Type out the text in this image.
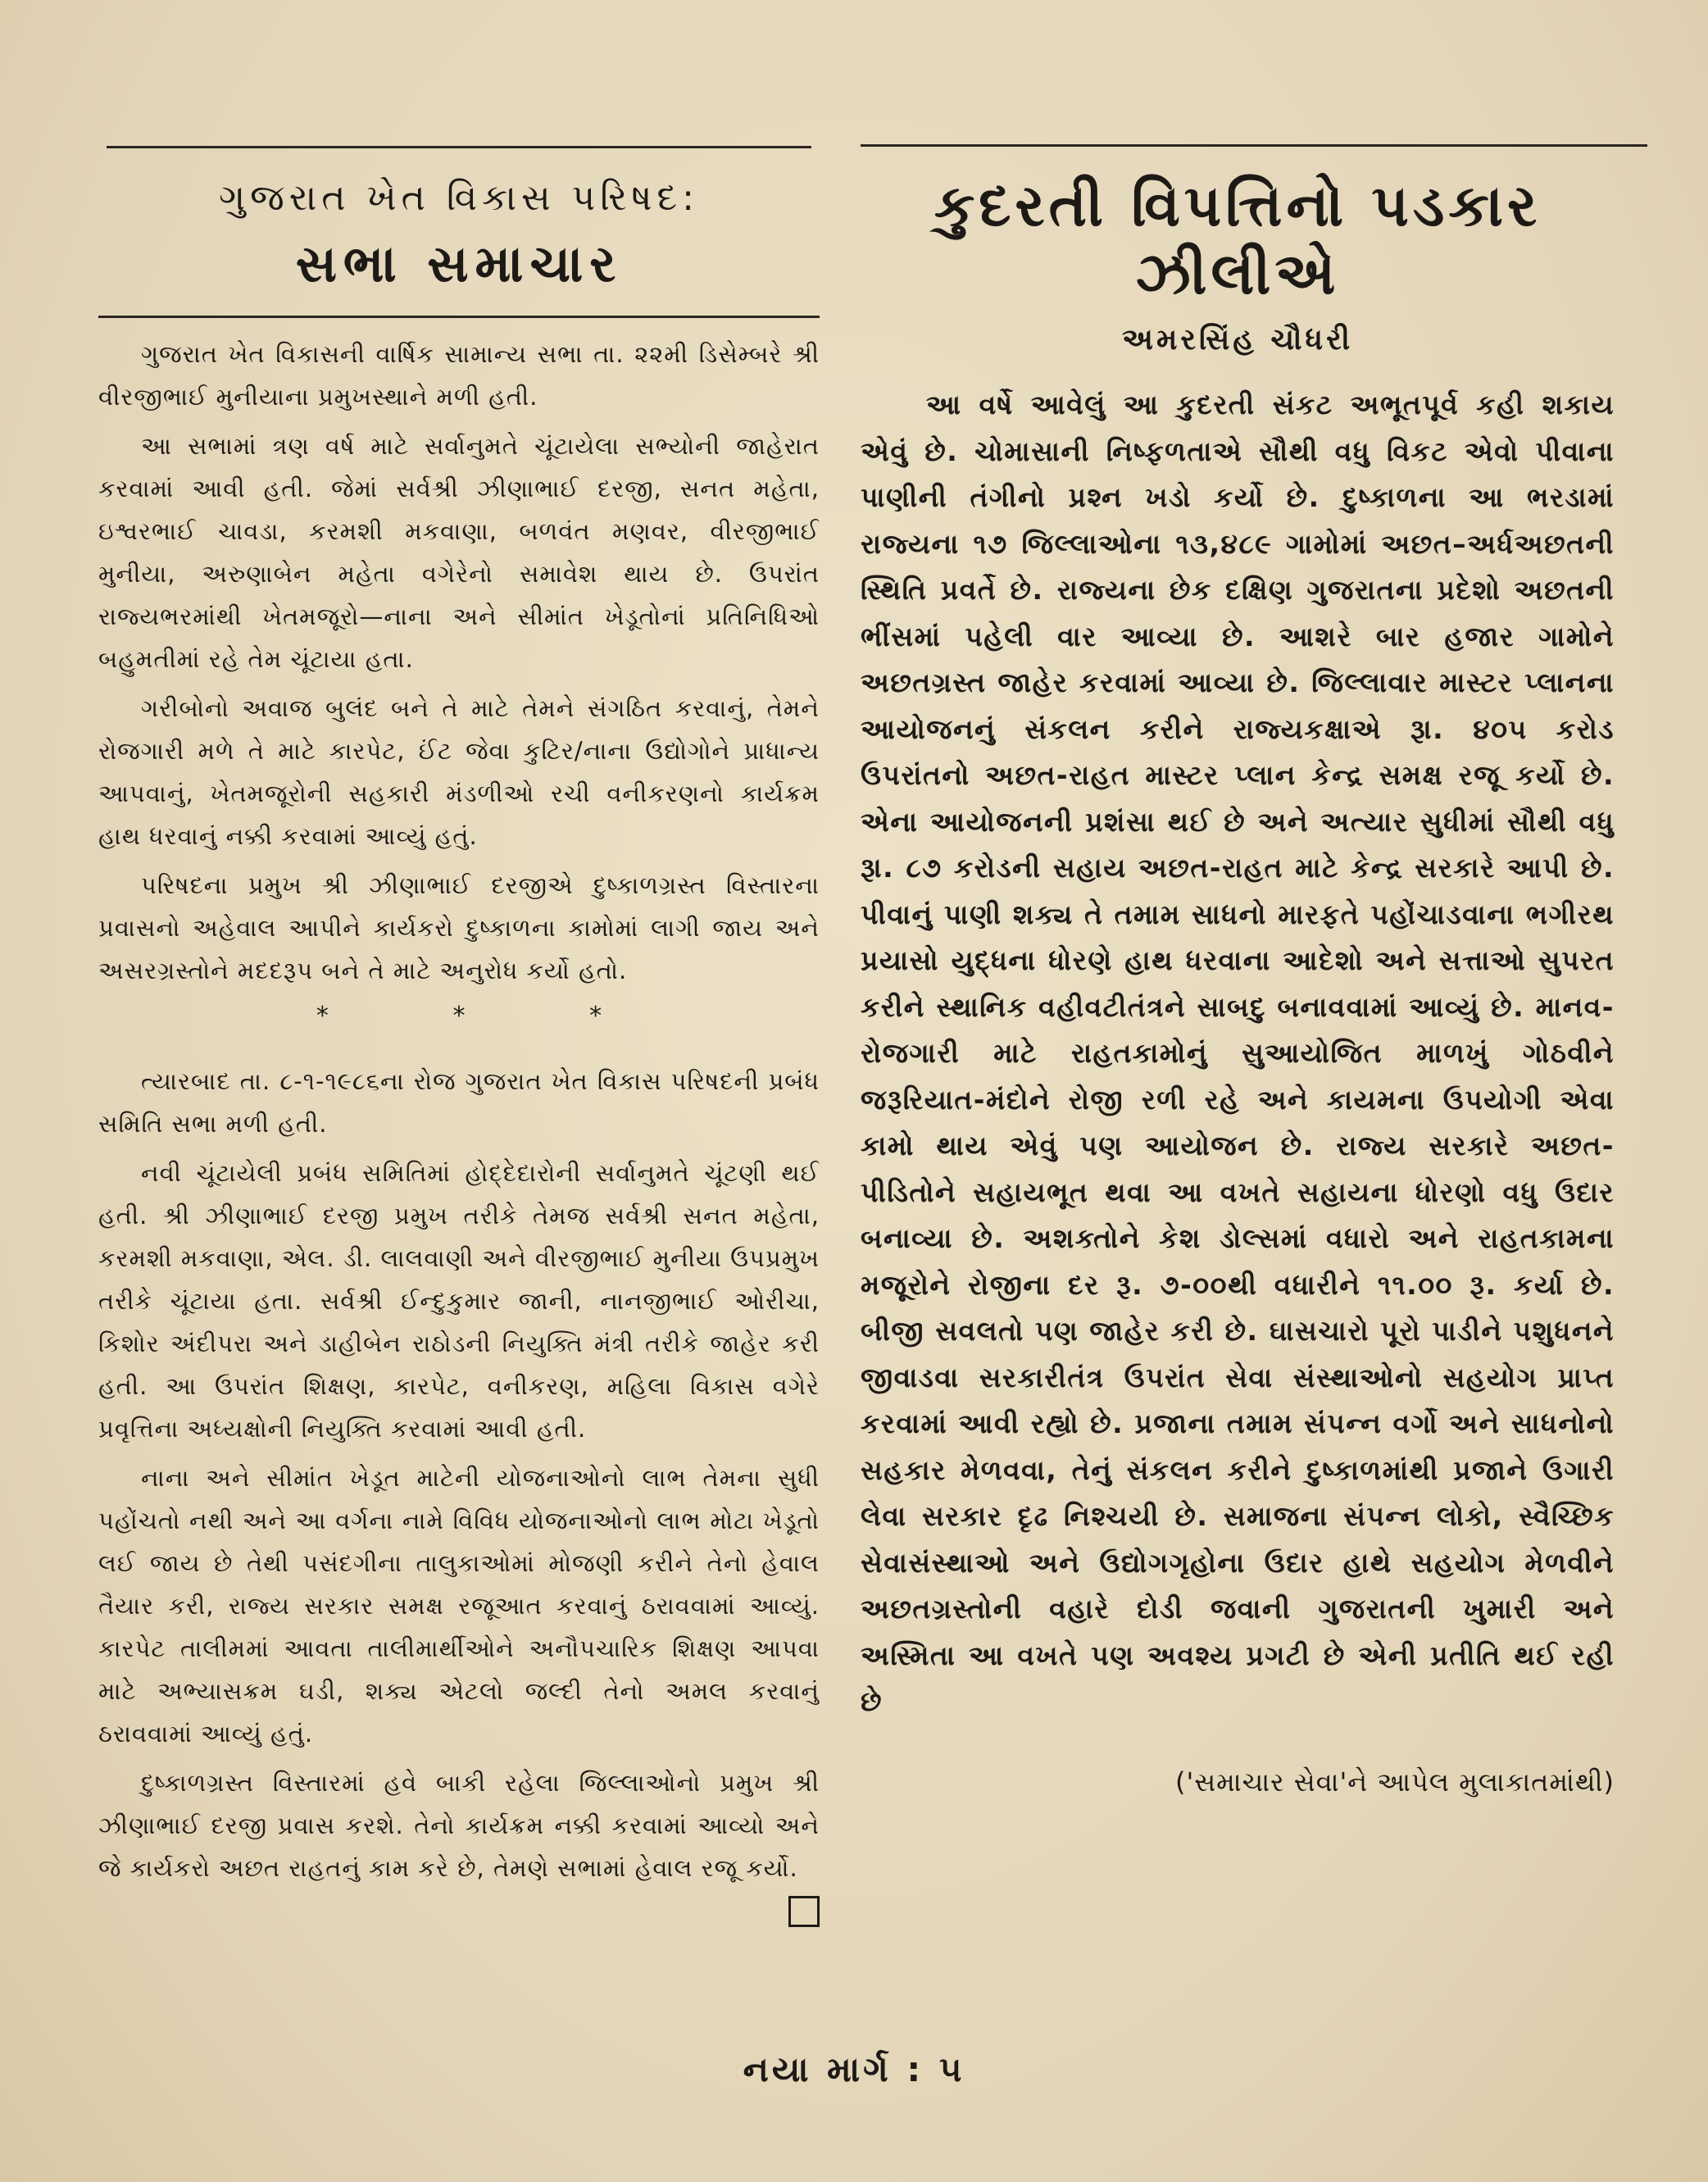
ગુજરાત ખેત વિકાસ પરિષદ:
સભા સમાચાર

ગુજરાત ખેત વિકાસની વાર્ષિક સામાન્ય સભા તા. ૨૨મી ડિસેમ્બરે શ્રી વીરજીભાઈ મુનીયાના પ્રમુખસ્થાને મળી હતી.

આ સભામાં ત્રણ વર્ષ માટે સર્વાનુમતે ચૂંટાયેલા સભ્યોની જાહેરાત કરવામાં આવી હતી. જેમાં સર્વશ્રી ઝીણાભાઈ દરજી, સનત મહેતા, ઇશ્વરભાઈ ચાવડા, કરમશી મકવાણા, બળવંત મણવર, વીરજીભાઈ મુનીયા, અરુણાબેન મહેતા વગેરેનો સમાવેશ થાય છે. ઉપરાંત રાજ્યભરમાંથી ખેતમજૂરો—નાના અને સીમાંત ખેડૂતોનાં પ્રતિનિધિઓ બહુમતીમાં રહે તેમ ચૂંટાયા હતા.

ગરીબોનો અવાજ બુલંદ બને તે માટે તેમને સંગઠિત કરવાનું, તેમને રોજગારી મળે તે માટે કારપેટ, ઈંટ જેવા કુટિર/નાના ઉદ્યોગોને પ્રાધાન્ય આપવાનું, ખેતમજૂરોની સહકારી મંડળીઓ રચી વનીકરણનો કાર્યક્રમ હાથ ધરવાનું નક્કી કરવામાં આવ્યું હતું.

પરિષદના પ્રમુખ શ્રી ઝીણાભાઈ દરજીએ દુષ્કાળગ્રસ્ત વિસ્તારના પ્રવાસનો અહેવાલ આપીને કાર્યકરો દુષ્કાળના કામોમાં લાગી જાય અને અસરગ્રસ્તોને મદદરૂપ બને તે માટે અનુરોધ કર્યો હતો.

*	*	*

ત્યારબાદ તા. ૮-૧-૧૯૮૬ના રોજ ગુજરાત ખેત વિકાસ પરિષદની પ્રબંધ સમિતિ સભા મળી હતી.

નવી ચૂંટાયેલી પ્રબંધ સમિતિમાં હોદ્દેદારોની સર્વાનુમતે ચૂંટણી થઈ હતી. શ્રી ઝીણાભાઈ દરજી પ્રમુખ તરીકે તેમજ સર્વશ્રી સનત મહેતા, કરમશી મકવાણા, એલ. ડી. લાલવાણી અને વીરજીભાઈ મુનીયા ઉપપ્રમુખ તરીકે ચૂંટાયા હતા. સર્વશ્રી ઈન્દુકુમાર જાની, નાનજીભાઈ ઓરીચા, કિશોર અંદીપરા અને ડાહીબેન રાઠોડની નિયુક્તિ મંત્રી તરીકે જાહેર કરી હતી. આ ઉપરાંત શિક્ષણ, કારપેટ, વનીકરણ, મહિલા વિકાસ વગેરે પ્રવૃત્તિના અધ્યક્ષોની નિયુક્તિ કરવામાં આવી હતી.

નાના અને સીમાંત ખેડૂત માટેની યોજનાઓનો લાભ તેમના સુધી પહોંચતો નથી અને આ વર્ગના નામે વિવિધ યોજનાઓનો લાભ મોટા ખેડૂતો લઈ જાય છે તેથી પસંદગીના તાલુકાઓમાં મોજણી કરીને તેનો હેવાલ તૈયાર કરી, રાજ્ય સરકાર સમક્ષ રજૂઆત કરવાનું ઠરાવવામાં આવ્યું. કારપેટ તાલીમમાં આવતા તાલીમાર્થીઓને અનૌપચારિક શિક્ષણ આપવા માટે અભ્યાસક્રમ ઘડી, શક્ય એટલો જલ્દી તેનો અમલ કરવાનું ઠરાવવામાં આવ્યું હતું.

દુષ્કાળગ્રસ્ત વિસ્તારમાં હવે બાકી રહેલા જિલ્લાઓનો પ્રમુખ શ્રી ઝીણાભાઈ દરજી પ્રવાસ કરશે. તેનો કાર્યક્રમ નક્કી કરવામાં આવ્યો અને જે કાર્યકરો અછત રાહતનું કામ કરે છે, તેમણે સભામાં હેવાલ રજૂ કર્યો.

કુદરતી વિપત્તિનો પડકાર ઝીલીએ
અમરસિંહ ચૌધરી

આ વર્ષે આવેલું આ કુદરતી સંકટ અભૂતપૂર્વ કહી શકાય એવું છે. ચોમાસાની નિષ્ફળતાએ સૌથી વધુ વિકટ એવો પીવાના પાણીની તંગીનો પ્રશ્ન ખડો કર્યો છે. દુષ્કાળના આ ભરડામાં રાજ્યના ૧૭ જિલ્લાઓના ૧૩,૪૮૯ ગામોમાં અછત–અર્ધઅછતની સ્થિતિ પ્રવર્તે છે. રાજ્યના છેક દક્ષિણ ગુજરાતના પ્રદેશો અછતની ભીંસમાં પહેલી વાર આવ્યા છે. આશરે બાર હજાર ગામોને અછતગ્રસ્ત જાહેર કરવામાં આવ્યા છે. જિલ્લાવાર માસ્ટર પ્લાનના આયોજનનું સંકલન કરીને રાજ્યકક્ષાએ રૂા. ૪૦૫ કરોડ ઉપરાંતનો અછત-રાહત માસ્ટર પ્લાન કેન્દ્ર સમક્ષ રજૂ કર્યો છે. એના આયોજનની પ્રશંસા થઈ છે અને અત્યાર સુધીમાં સૌથી વધુ રૂા. ૮૭ કરોડની સહાય અછત-રાહત માટે કેન્દ્ર સરકારે આપી છે. પીવાનું પાણી શક્ય તે તમામ સાધનો મારફતે પહોંચાડવાના ભગીરથ પ્રયાસો યુદ્ધના ધોરણે હાથ ધરવાના આદેશો અને સત્તાઓ સુપરત કરીને સ્થાનિક વહીવટીતંત્રને સાબદુ બનાવવામાં આવ્યું છે. માનવ-રોજગારી માટે રાહતકામોનું સુઆયોજિત માળખું ગોઠવીને જરૂરિયાત-મંદોને રોજી રળી રહે અને કાયમના ઉપયોગી એવા કામો થાય એવું પણ આયોજન છે. રાજ્ય સરકારે અછત-પીડિતોને સહાયભૂત થવા આ વખતે સહાયના ધોરણો વધુ ઉદાર બનાવ્યા છે. અશક્તોને કેશ ડોલ્સમાં વધારો અને રાહતકામના મજૂરોને રોજીના દર રૂ. ૭-૦૦થી વધારીને ૧૧.૦૦ રૂ. કર્યા છે. બીજી સવલતો પણ જાહેર કરી છે. ઘાસચારો પૂરો પાડીને પશુધનને જીવાડવા સરકારીતંત્ર ઉપરાંત સેવા સંસ્થાઓનો સહયોગ પ્રાપ્ત કરવામાં આવી રહ્યો છે. પ્રજાના તમામ સંપન્ન વર્ગો અને સાધનોનો સહકાર મેળવવા, તેનું સંકલન કરીને દુષ્કાળમાંથી પ્રજાને ઉગારી લેવા સરકાર દૃઢ નિશ્ચયી છે. સમાજના સંપન્ન લોકો, સ્વૈચ્છિક સેવાસંસ્થાઓ અને ઉદ્યોગગૃહોના ઉદાર હાથે સહયોગ મેળવીને અછતગ્રસ્તોની વહારે દોડી જવાની ગુજરાતની ખુમારી અને અસ્મિતા આ વખતે પણ અવશ્ય પ્રગટી છે એની પ્રતીતિ થઈ રહી છે

('સમાચાર સેવા'ને આપેલ મુલાકાતમાંથી)
નયા માર્ગ : ૫
